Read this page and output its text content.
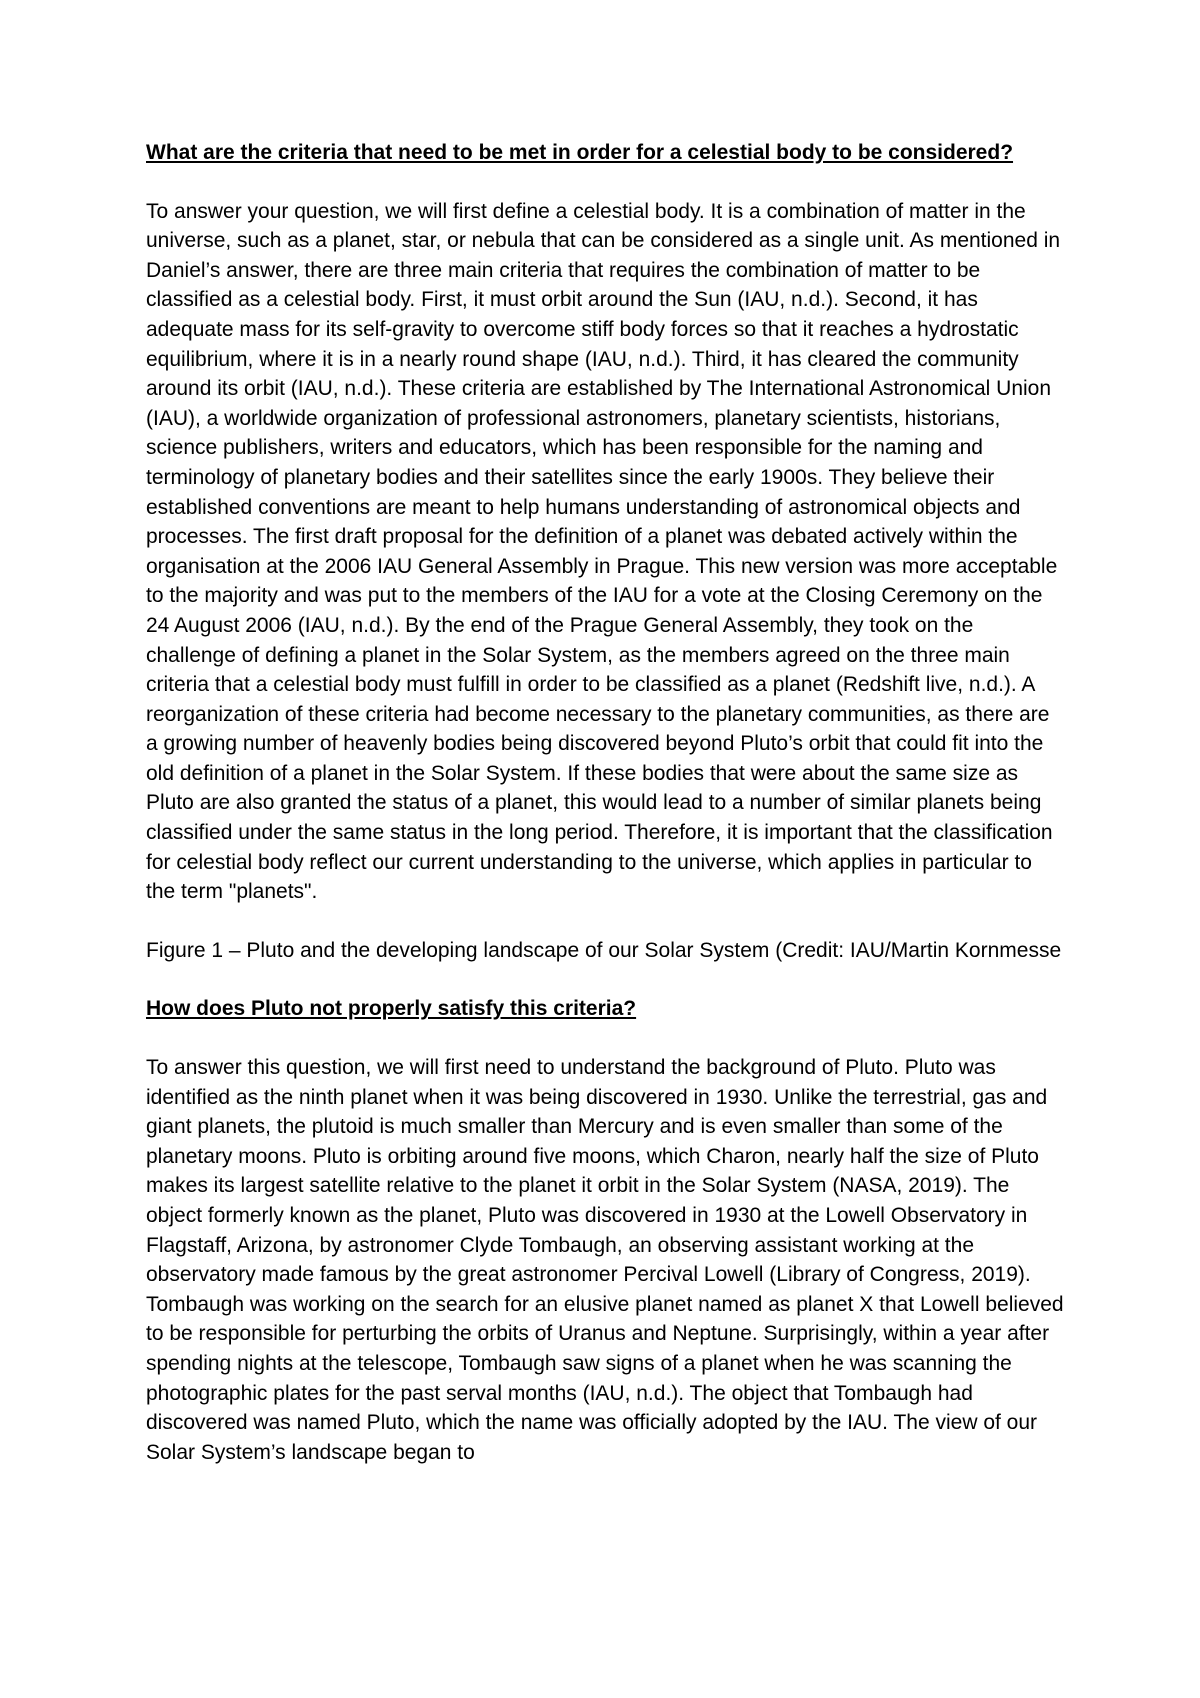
What are the criteria that need to be met in order for a celestial body to be considered?
To answer your question, we will first define a celestial body. It is a combination of matter in the universe, such as a planet, star, or nebula that can be considered as a single unit. As mentioned in Daniel’s answer, there are three main criteria that requires the combination of matter to be classified as a celestial body. First, it must orbit around the Sun (IAU, n.d.). Second, it has adequate mass for its self-gravity to overcome stiff body forces so that it reaches a hydrostatic equilibrium, where it is in a nearly round shape (IAU, n.d.). Third, it has cleared the community around its orbit (IAU, n.d.). These criteria are established by The International Astronomical Union (IAU), a worldwide organization of professional astronomers, planetary scientists, historians, science publishers, writers and educators, which has been responsible for the naming and terminology of planetary bodies and their satellites since the early 1900s. They believe their established conventions are meant to help humans understanding of astronomical objects and processes. The first draft proposal for the definition of a planet was debated actively within the organisation at the 2006 IAU General Assembly in Prague. This new version was more acceptable to the majority and was put to the members of the IAU for a vote at the Closing Ceremony on the 24 August 2006 (IAU, n.d.). By the end of the Prague General Assembly, they took on the challenge of defining a planet in the Solar System, as the members agreed on the three main criteria that a celestial body must fulfill in order to be classified as a planet (Redshift live, n.d.). A reorganization of these criteria had become necessary to the planetary communities, as there are a growing number of heavenly bodies being discovered beyond Pluto’s orbit that could fit into the old definition of a planet in the Solar System. If these bodies that were about the same size as Pluto are also granted the status of a planet, this would lead to a number of similar planets being classified under the same status in the long period. Therefore, it is important that the classification for celestial body reflect our current understanding to the universe, which applies in particular to the term "planets".
Figure 1 – Pluto and the developing landscape of our Solar System (Credit: IAU/Martin Kornmesse
How does Pluto not properly satisfy this criteria?
To answer this question, we will first need to understand the background of Pluto. Pluto was identified as the ninth planet when it was being discovered in 1930. Unlike the terrestrial, gas and giant planets, the plutoid is much smaller than Mercury and is even smaller than some of the planetary moons. Pluto is orbiting around five moons, which Charon, nearly half the size of Pluto makes its largest satellite relative to the planet it orbit in the Solar System (NASA, 2019). The object formerly known as the planet, Pluto was discovered in 1930 at the Lowell Observatory in Flagstaff, Arizona, by astronomer Clyde Tombaugh, an observing assistant working at the observatory made famous by the great astronomer Percival Lowell (Library of Congress, 2019). Tombaugh was working on the search for an elusive planet named as planet X that Lowell believed to be responsible for perturbing the orbits of Uranus and Neptune. Surprisingly, within a year after spending nights at the telescope, Tombaugh saw signs of a planet when he was scanning the photographic plates for the past serval months (IAU, n.d.). The object that Tombaugh had discovered was named Pluto, which the name was officially adopted by the IAU. The view of our Solar System’s landscape began to
